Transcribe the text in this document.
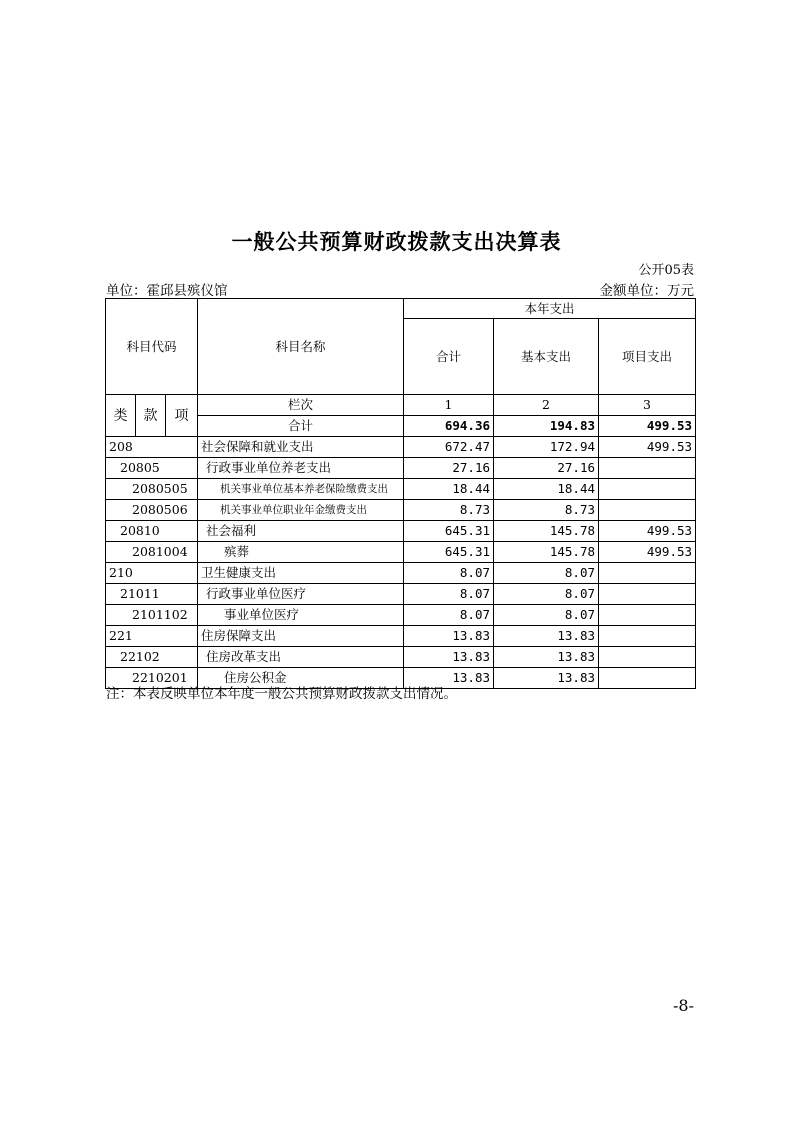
一般公共预算财政拨款支出决算表
公开05表
单位：霍邱县殡仪馆	金额单位：万元
科目代码			科目名称	本年支出		
				合计	基本支出	项目支出
类	款	项	栏次	1	2	3
			合计	694.36	194.83	499.53
208			社会保障和就业支出	672.47	172.94	499.53
20805			行政事业单位养老支出	27.16	27.16	
2080505			机关事业单位基本养老保险缴费支出	18.44	18.44	
2080506			机关事业单位职业年金缴费支出	8.73	8.73	
20810			社会福利	645.31	145.78	499.53
2081004			殡葬	645.31	145.78	499.53
210			卫生健康支出	8.07	8.07	
21011			行政事业单位医疗	8.07	8.07	
2101102			事业单位医疗	8.07	8.07	
221			住房保障支出	13.83	13.83	
22102			住房改革支出	13.83	13.83	
2210201			住房公积金	13.83	13.83	
注：本表反映单位本年度一般公共预算财政拨款支出情况。
-8-
